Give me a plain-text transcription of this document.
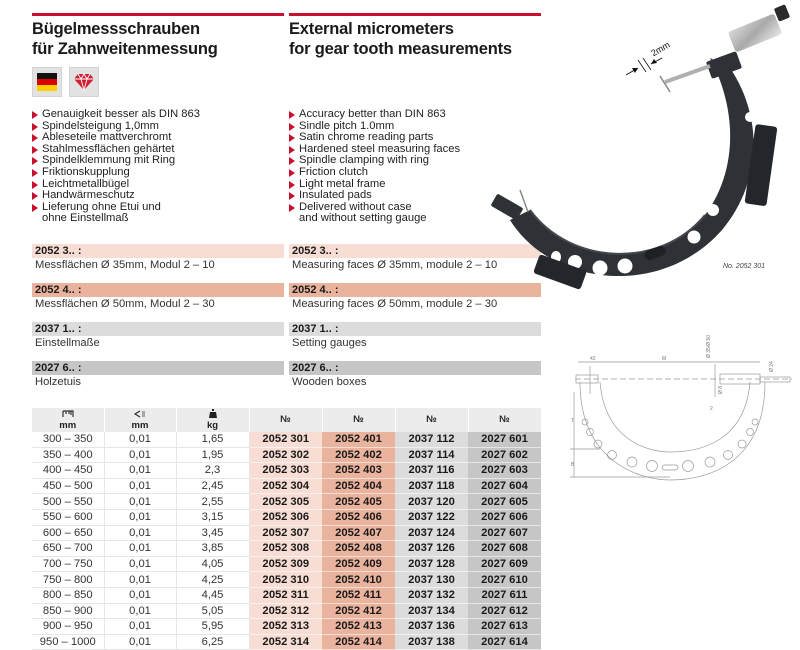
Bügelmessschrauben
für Zahnweitenmessung
External micrometers
for gear tooth measurements
Genauigkeit besser als DIN 863
Spindelsteigung 1,0mm
Ableseteile mattverchromt
Stahlmessflächen gehärtet
Spindelklemmung mit Ring
Friktionskupplung
Leichtmetallbügel
Handwärmeschutz
Lieferung ohne Etui und
ohne Einstellmaß
Accuracy better than DIN 863
Sindle pitch 1.0mm
Satin chrome reading parts
Hardened steel measuring faces
Spindle clamping with ring
Friction clutch
Light metal frame
Insulated pads
Delivered without case
and without setting gauge
2052 3.. :
Messflächen Ø 35mm, Modul 2 – 10
2052 4.. :
Messflächen Ø 50mm, Modul 2 – 30
2037 1.. :
Einstellmaße
2027 6.. :
Holzetuis
2052 3.. :
Measuring faces Ø 35mm, module 2 – 10
2052 4.. :
Measuring faces Ø 50mm, module 2 – 30
2037 1.. :
Setting gauges
2027 6.. :
Wooden boxes
2mm
No. 2052 301
42	M
Ø 35/Ø 50
Ø 8
2
Ø 24
T
B

mm	mm	kg	№	№	№	№
300 – 350	0,01	1,65	2052 301	2052 401	2037 112	2027 601
350 – 400	0,01	1,95	2052 302	2052 402	2037 114	2027 602
400 – 450	0,01	2,3	2052 303	2052 403	2037 116	2027 603
450 – 500	0,01	2,45	2052 304	2052 404	2037 118	2027 604
500 – 550	0,01	2,55	2052 305	2052 405	2037 120	2027 605
550 – 600	0,01	3,15	2052 306	2052 406	2037 122	2027 606
600 – 650	0,01	3,45	2052 307	2052 407	2037 124	2027 607
650 – 700	0,01	3,85	2052 308	2052 408	2037 126	2027 608
700 – 750	0,01	4,05	2052 309	2052 409	2037 128	2027 609
750 – 800	0,01	4,25	2052 310	2052 410	2037 130	2027 610
800 – 850	0,01	4,45	2052 311	2052 411	2037 132	2027 611
850 – 900	0,01	5,05	2052 312	2052 412	2037 134	2027 612
900 – 950	0,01	5,95	2052 313	2052 413	2037 136	2027 613
950 – 1000	0,01	6,25	2052 314	2052 414	2037 138	2027 614
